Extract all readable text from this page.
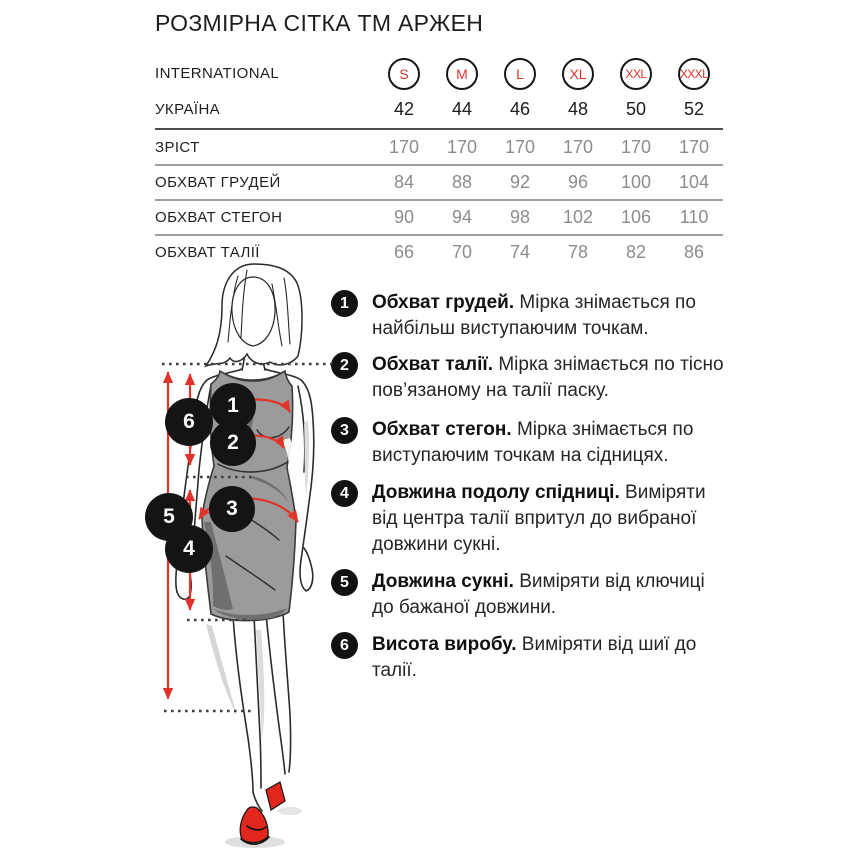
РОЗМІРНА СІТКА ТМ АРЖЕН
INTERNATIONAL	S	M	L	XL	XXL	XXXL
УКРАЇНА	42	44	46	48	50	52
ЗРІСТ	170	170	170	170	170	170
ОБХВАТ ГРУДЕЙ	84	88	92	96	100	104
ОБХВАТ СТЕГОН	90	94	98	102	106	110
ОБХВАТ ТАЛІЇ	66	70	74	78	82	86
1
2
3
4
5
6
1	Обхват грудей. Мірка знімається по найбільш виступаючим точкам.

2	Обхват талії. Мірка знімається по тісно пов’язаному на талії паску.

3	Обхват стегон. Мірка знімається по виступаючим точкам на сідницях.

4	Довжина подолу спідниці. Виміряти від центра талії впритул до вибраної довжини сукні.

5	Довжина сукні. Виміряти від ключиці до бажаної довжини.

6	Висота виробу. Виміряти від шиї до талії.
